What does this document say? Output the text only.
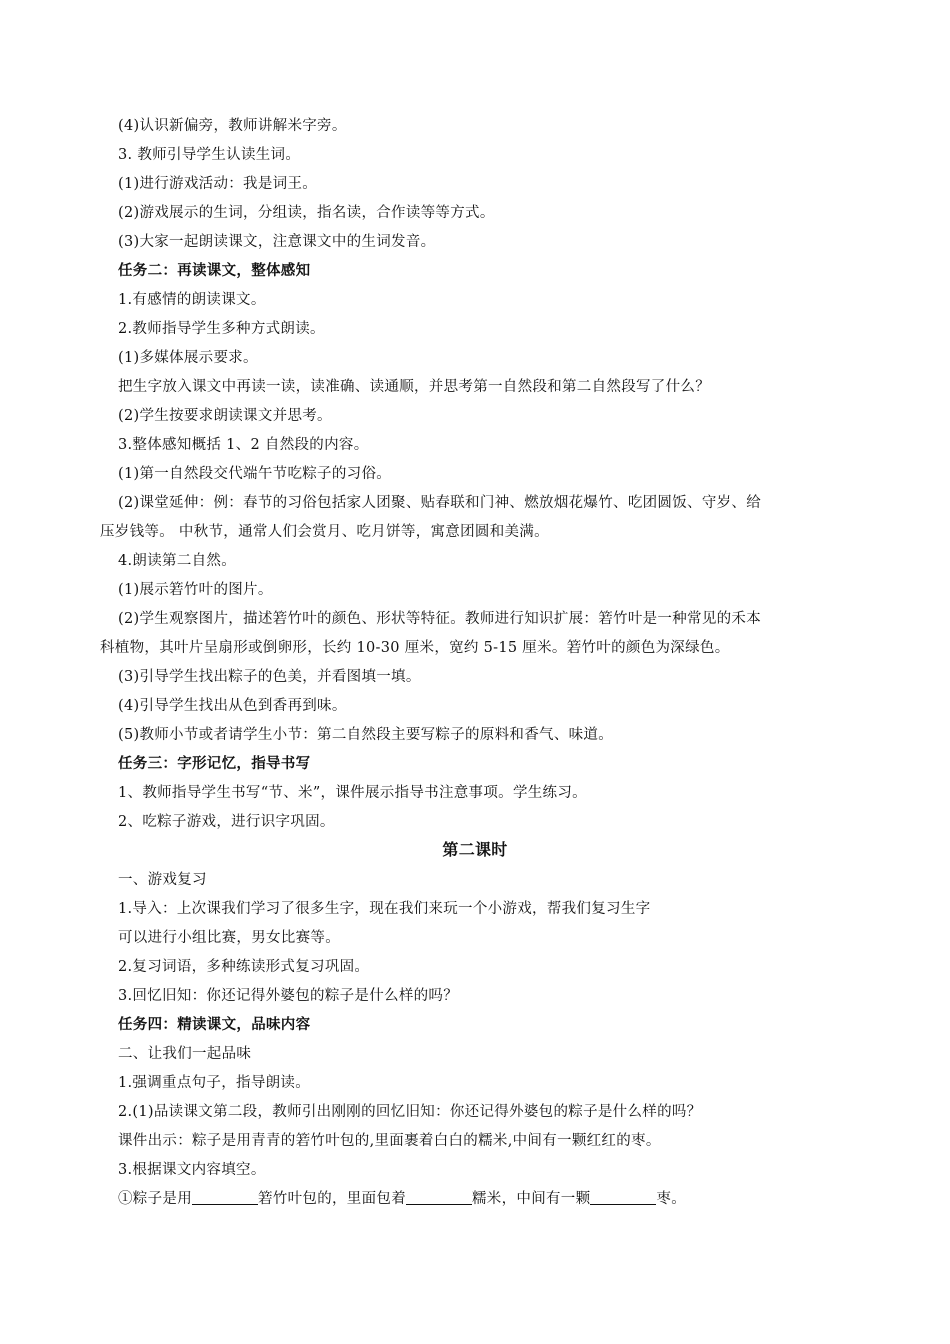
(4)认识新偏旁，教师讲解米字旁。
3. 教师引导学生认读生词。
(1)进行游戏活动：我是词王。
(2)游戏展示的生词，分组读，指名读，合作读等等方式。
(3)大家一起朗读课文，注意课文中的生词发音。
任务二：再读课文，整体感知
1.有感情的朗读课文。
2.教师指导学生多种方式朗读。
(1)多媒体展示要求。
把生字放入课文中再读一读，读准确、读通顺，并思考第一自然段和第二自然段写了什么？
(2)学生按要求朗读课文并思考。
3.整体感知概括 1、2 自然段的内容。
(1)第一自然段交代端午节吃粽子的习俗。
(2)课堂延伸：例：春节的习俗包括家人团聚、贴春联和门神、燃放烟花爆竹、吃团圆饭、守岁、给
压岁钱等。 中秋节，通常人们会赏月、吃月饼等，寓意团圆和美满。
4.朗读第二自然。
(1)展示箬竹叶的图片。
(2)学生观察图片，描述箬竹叶的颜色、形状等特征。教师进行知识扩展：箬竹叶是一种常见的禾本
科植物，其叶片呈扇形或倒卵形，长约 10-30 厘米，宽约 5-15 厘米。箬竹叶的颜色为深绿色。
(3)引导学生找出粽子的色美，并看图填一填。
(4)引导学生找出从色到香再到味。
(5)教师小节或者请学生小节：第二自然段主要写粽子的原料和香气、味道。
任务三：字形记忆，指导书写
1、教师指导学生书写“节、米”，课件展示指导书注意事项。学生练习。
2、吃粽子游戏，进行识字巩固。
第二课时
一、游戏复习
1.导入：上次课我们学习了很多生字，现在我们来玩一个小游戏，帮我们复习生字
可以进行小组比赛，男女比赛等。
2.复习词语，多种练读形式复习巩固。
3.回忆旧知：你还记得外婆包的粽子是什么样的吗？
任务四：精读课文，品味内容
二、让我们一起品味
1.强调重点句子，指导朗读。
2.(1)品读课文第二段，教师引出刚刚的回忆旧知：你还记得外婆包的粽子是什么样的吗？
课件出示：粽子是用青青的箬竹叶包的,里面裹着白白的糯米,中间有一颗红红的枣。
3.根据课文内容填空。
①粽子是用	箬竹叶包的，里面包着	糯米，中间有一颗	枣。
